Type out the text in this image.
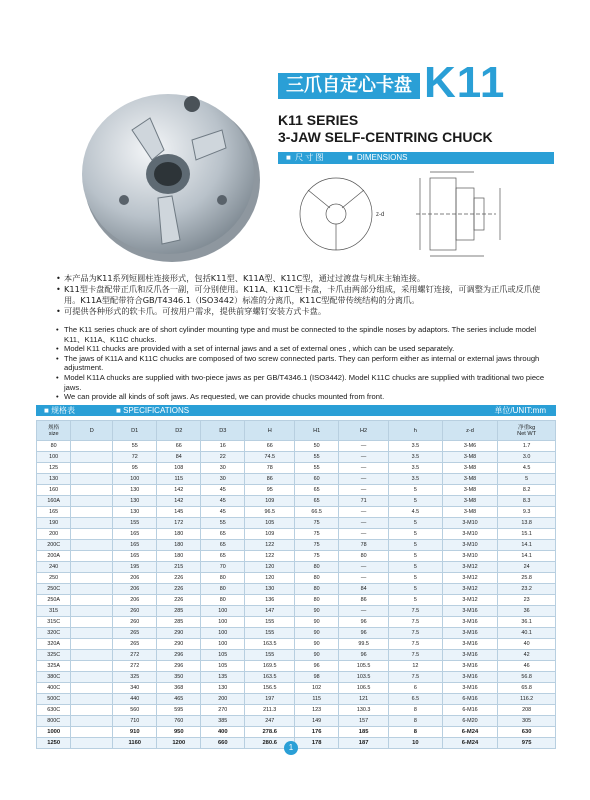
三爪自定心卡盘 K11
K11 SERIES
3-JAW SELF-CENTRING CHUCK
■ 尺 寸 图	■ DIMENSIONS
z-d

• 本产品为K11系列短圆柱连接形式，包括K11型、K11A型、K11C型，通过过渡盘与机床主轴连接。

• K11型卡盘配带正爪和反爪各一副，可分别使用。K11A、K11C型卡盘，卡爪由两部分组成，采用螺钉连接，可调整为正爪或反爪使用。K11A型配带符合GB/T4346.1（ISO3442）标准的分离爪，K11C型配带传统结构的分离爪。

• 可提供各种形式的软卡爪。可按用户需求，提供前穿螺钉安装方式卡盘。

• The K11 series chuck are of short cylinder mounting type and must be connected to the spindle noses by adaptors. The series include model K11、K11A、K11C chucks.

• Model K11 chucks are provided with a set of internal jaws and a set of external ones , which can be used separately.

• The jaws of K11A and K11C chucks are composed of two screw connected parts. They can perform either as internal or external jaws through adjustment.

• Model K11A chucks are supplied with two-piece jaws as per GB/T4346.1 (ISO3442). Model K11C chucks are supplied with traditional two piece jaws.

• We can provide all kinds of soft jaws. As requested, we can provide chucks mounted from front.

■ 规格表	■ SPECIFICATIONS	单位/UNIT:mm
规格
size	D	D1	D2	D3	H	H1	H2	h	z-d	净重kg
Net WT
80		55	66	16	66	50	—	3.5	3-M6	1.7
100		72	84	22	74.5	55	—	3.5	3-M8	3.0
125		95	108	30	78	55	—	3.5	3-M8	4.5
130		100	115	30	86	60	—	3.5	3-M8	5
160		130	142	45	95	65	—	5	3-M8	8.2
160A		130	142	45	109	65	71	5	3-M8	8.3
165		130	145	45	96.5	66.5	—	4.5	3-M8	9.3
190		155	172	55	105	75	—	5	3-M10	13.8
200		165	180	65	109	75	—	5	3-M10	15.1
200C		165	180	65	122	75	78	5	3-M10	14.1
200A		165	180	65	122	75	80	5	3-M10	14.1
240		195	215	70	120	80	—	5	3-M12	24
250		206	226	80	120	80	—	5	3-M12	25.8
250C		206	226	80	130	80	84	5	3-M12	23.2
250A		206	226	80	136	80	86	5	3-M12	23
315		260	285	100	147	90	—	7.5	3-M16	36
315C		260	285	100	155	90	96	7.5	3-M16	36.1
320C		265	290	100	155	90	96	7.5	3-M16	40.1
320A		265	290	100	163.5	90	99.5	7.5	3-M16	40
325C		272	296	105	155	90	96	7.5	3-M16	42
325A		272	296	105	169.5	96	105.5	12	3-M16	46
380C		325	350	135	163.5	98	103.5	7.5	3-M16	56.8
400C		340	368	130	156.5	102	106.5	6	3-M16	65.8
500C		440	465	200	197	115	121	6.5	6-M16	116.2
630C		560	595	270	211.3	123	130.3	8	6-M16	208
800C		710	760	385	247	149	157	8	6-M20	305
1000		910	950	400	278.6	176	185	8	6-M24	630
1250		1160	1200	660	280.6	178	187	10	6-M24	975
1
